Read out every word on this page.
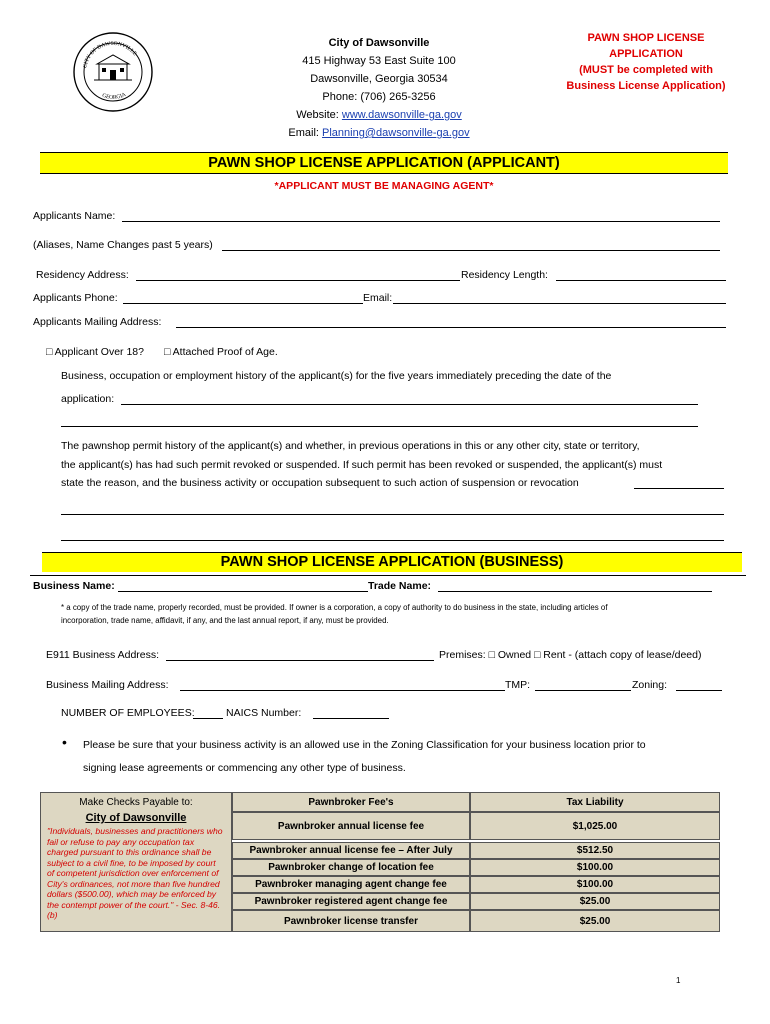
CITY OF DAWSONVILLE
GEORGIA
City of Dawsonville
415 Highway 53 East Suite 100
Dawsonville, Georgia 30534
Phone: (706) 265-3256
Website: www.dawsonville-ga.gov
Email: Planning@dawsonville-ga.gov
PAWN SHOP LICENSE
APPLICATION
(MUST be completed with
Business License Application)
PAWN SHOP LICENSE APPLICATION (APPLICANT)
*APPLICANT MUST BE MANAGING AGENT*
Applicants Name:
(Aliases, Name Changes past 5 years)
Residency Address:	Residency Length:
Applicants Phone:	Email:
Applicants Mailing Address:
□ Applicant Over 18? □ Attached Proof of Age.
Business, occupation or employment history of the applicant(s) for the five years immediately preceding the date of the
application:
The pawnshop permit history of the applicant(s) and whether, in previous operations in this or any other city, state or territory,
the applicant(s) has had such permit revoked or suspended. If such permit has been revoked or suspended, the applicant(s) must
state the reason, and the business activity or occupation subsequent to such action of suspension or revocation
PAWN SHOP LICENSE APPLICATION (BUSINESS)
Business Name:	Trade Name:
* a copy of the trade name, properly recorded, must be provided. If owner is a corporation, a copy of authority to do business in the state, including articles of
incorporation, trade name, affidavit, if any, and the last annual report, if any, must be provided.
E911 Business Address:	Premises: □ Owned □ Rent - (attach copy of lease/deed)
Business Mailing Address:	TMP:	Zoning:
NUMBER OF EMPLOYEES:	NAICS Number:
• Please be sure that your business activity is an allowed use in the Zoning Classification for your business location prior to
signing lease agreements or commencing any other type of business.
Make Checks Payable to:
City of Dawsonville
"Individuals, businesses and practitioners who fail or refuse to pay any occupation tax charged pursuant to this ordinance shall be subject to a civil fine, to be imposed by court of competent jurisdiction over enforcement of City's ordinances, not more than five hundred dollars ($500.00), which may be enforced by the contempt power of the court." - Sec. 8-46. (b)
Pawnbroker Fee's	Tax Liability
Pawnbroker annual license fee	$1,025.00
Pawnbroker annual license fee – After July	$512.50
Pawnbroker change of location fee	$100.00
Pawnbroker managing agent change fee	$100.00
Pawnbroker registered agent change fee	$25.00
Pawnbroker license transfer	$25.00
1
